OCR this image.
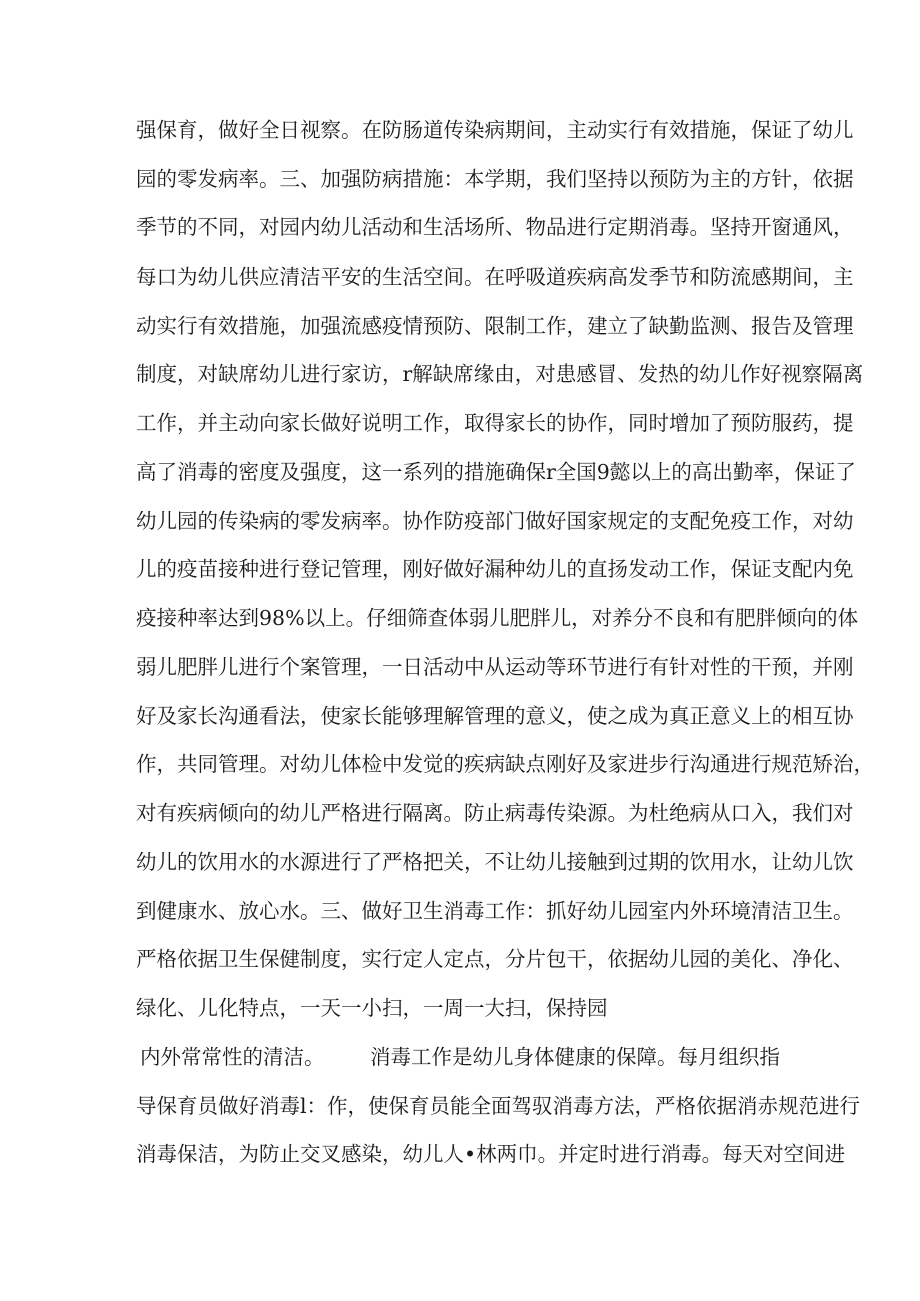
强保育，做好全日视察。在防肠道传染病期间，主动实行有效措施，保证了幼儿
园的零发病率。三、加强防病措施：本学期，我们坚持以预防为主的方针，依据
季节的不同，对园内幼儿活动和生活场所、物品进行定期消毒。坚持开窗通风，
每口为幼儿供应清洁平安的生活空间。在呼吸道疾病高发季节和防流感期间，主
动实行有效措施，加强流感疫情预防、限制工作，建立了缺勤监测、报告及管理
制度，对缺席幼儿进行家访，r解缺席缘由，对患感冒、发热的幼儿作好视察隔离
工作，并主动向家长做好说明工作，取得家长的协作，同时增加了预防服药，提
高了消毒的密度及强度，这一系列的措施确保r全国9懿以上的高出勤率，保证了
幼儿园的传染病的零发病率。协作防疫部门做好国家规定的支配免疫工作，对幼
儿的疫苗接种进行登记管理，刚好做好漏种幼儿的直扬发动工作，保证支配内免
疫接种率达到98%以上。仔细筛查体弱儿肥胖儿，对养分不良和有肥胖倾向的体
弱儿肥胖儿进行个案管理，一日活动中从运动等环节进行有针对性的干预，并刚
好及家长沟通看法，使家长能够理解管理的意义，使之成为真正意义上的相互协
作，共同管理。对幼儿体检中发觉的疾病缺点刚好及家进步行沟通进行规范矫治，
对有疾病倾向的幼儿严格进行隔离。防止病毒传染源。为杜绝病从口入，我们对
幼儿的饮用水的水源进行了严格把关，不让幼儿接触到过期的饮用水，让幼儿饮
到健康水、放心水。三、做好卫生消毒工作：抓好幼儿园室内外环境清洁卫生。
严格依据卫生保健制度，实行定人定点，分片包干，依据幼儿园的美化、净化、
绿化、儿化特点，一天一小扫，一周一大扫，保持园
内外常常性的清洁。 消毒工作是幼儿身体健康的保障。每月组织指
导保育员做好消毒l：作，使保育员能全面驾驭消毒方法，严格依据消赤规范进行
消毒保洁，为防止交叉感染，幼儿人•林两巾。并定时进行消毒。每天对空间进
